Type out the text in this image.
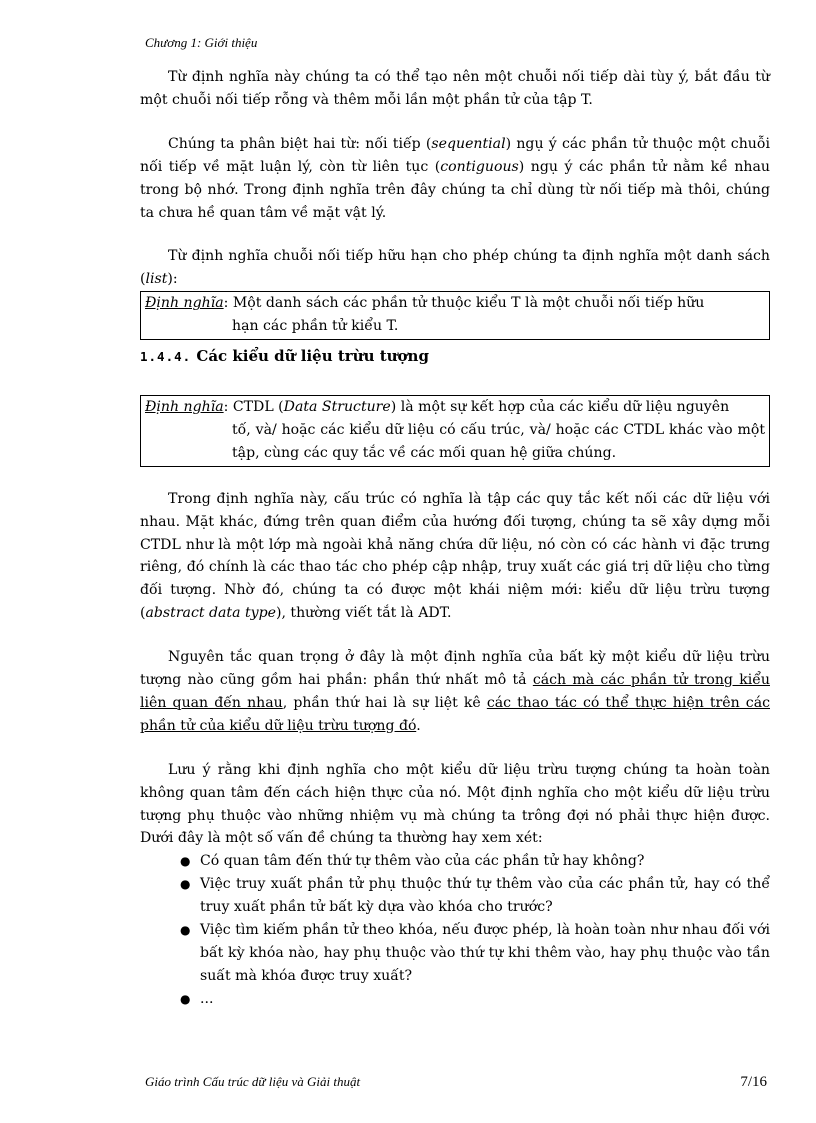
Chương 1: Giới thiệu

Từ định nghĩa này chúng ta có thể tạo nên một chuỗi nối tiếp dài tùy ý, bắt đầu từ một chuỗi nối tiếp rỗng và thêm mỗi lần một phần tử của tập T.

Chúng ta phân biệt hai từ: nối tiếp (sequential) ngụ ý các phần tử thuộc một chuỗi nối tiếp về mặt luận lý, còn từ liên tục (contiguous) ngụ ý các phần tử nằm kề nhau trong bộ nhớ. Trong định nghĩa trên đây chúng ta chỉ dùng từ nối tiếp mà thôi, chúng ta chưa hề quan tâm về mặt vật lý.

Từ định nghĩa chuỗi nối tiếp hữu hạn cho phép chúng ta định nghĩa một danh sách (list):

Định nghĩa: Một danh sách các phần tử thuộc kiểu T là một chuỗi nối tiếp hữu
hạn các phần tử kiểu T.

1.4.4. Các kiểu dữ liệu trừu tượng

Định nghĩa: CTDL (Data Structure) là một sự kết hợp của các kiểu dữ liệu nguyên
tố, và/ hoặc các kiểu dữ liệu có cấu trúc, và/ hoặc các CTDL khác vào một tập, cùng các quy tắc về các mối quan hệ giữa chúng.

Trong định nghĩa này, cấu trúc có nghĩa là tập các quy tắc kết nối các dữ liệu với nhau. Mặt khác, đứng trên quan điểm của hướng đối tượng, chúng ta sẽ xây dựng mỗi CTDL như là một lớp mà ngoài khả năng chứa dữ liệu, nó còn có các hành vi đặc trưng riêng, đó chính là các thao tác cho phép cập nhập, truy xuất các giá trị dữ liệu cho từng đối tượng. Nhờ đó, chúng ta có được một khái niệm mới: kiểu dữ liệu trừu tượng (abstract data type), thường viết tắt là ADT.

Nguyên tắc quan trọng ở đây là một định nghĩa của bất kỳ một kiểu dữ liệu trừu tượng nào cũng gồm hai phần: phần thứ nhất mô tả cách mà các phần tử trong kiểu liên quan đến nhau, phần thứ hai là sự liệt kê các thao tác có thể thực hiện trên các phần tử của kiểu dữ liệu trừu tượng đó.

Lưu ý rằng khi định nghĩa cho một kiểu dữ liệu trừu tượng chúng ta hoàn toàn không quan tâm đến cách hiện thực của nó. Một định nghĩa cho một kiểu dữ liệu trừu tượng phụ thuộc vào những nhiệm vụ mà chúng ta trông đợi nó phải thực hiện được. Dưới đây là một số vấn đề chúng ta thường hay xem xét:

● Có quan tâm đến thứ tự thêm vào của các phần tử hay không?
● Việc truy xuất phần tử phụ thuộc thứ tự thêm vào của các phần tử, hay có thể truy xuất phần tử bất kỳ dựa vào khóa cho trước?
● Việc tìm kiếm phần tử theo khóa, nếu được phép, là hoàn toàn như nhau đối với bất kỳ khóa nào, hay phụ thuộc vào thứ tự khi thêm vào, hay phụ thuộc vào tần suất mà khóa được truy xuất?
● ...
Giáo trình Cấu trúc dữ liệu và Giải thuật	7/16
